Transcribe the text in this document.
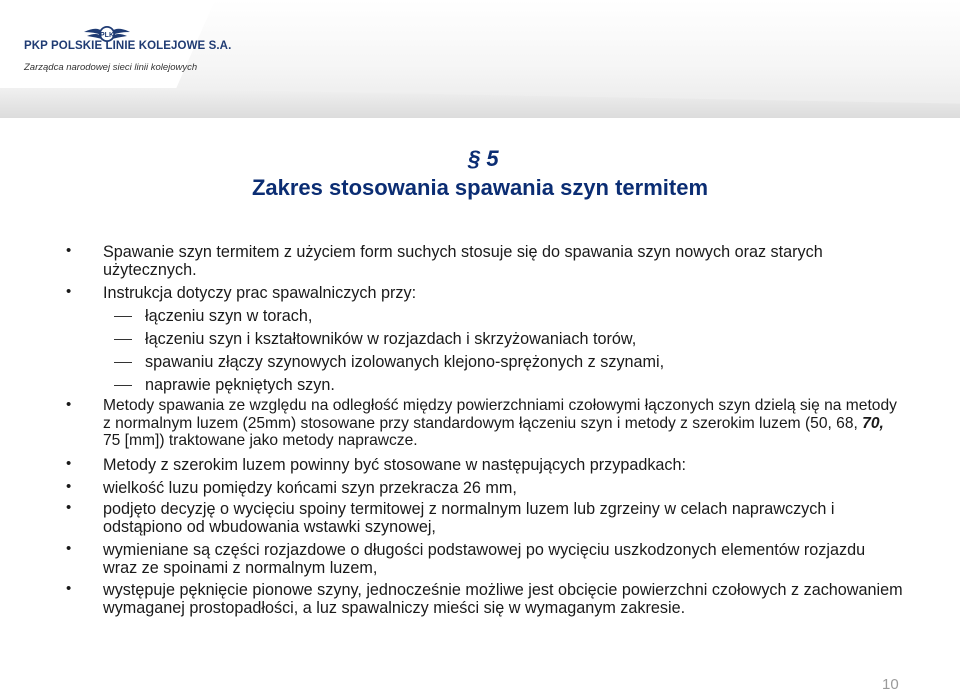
PLK
PKP POLSKIE LINIE KOLEJOWE S.A.
Zarządca narodowej sieci linii kolejowych
§ 5
Zakres stosowania spawania szyn termitem
• Spawanie szyn termitem z użyciem form suchych stosuje się do spawania szyn nowych oraz starych użytecznych.
• Instrukcja dotyczy prac spawalniczych przy:
łączeniu szyn w torach,
łączeniu szyn i kształtowników w rozjazdach i skrzyżowaniach torów,
spawaniu złączy szynowych izolowanych klejono-sprężonych z szynami,
naprawie pękniętych szyn.
• Metody spawania ze względu na odległość między powierzchniami czołowymi łączonych szyn dzielą się na metody z normalnym luzem (25mm) stosowane przy standardowym łączeniu szyn i metody z szerokim luzem (50, 68, 70, 75 [mm]) traktowane jako metody naprawcze.
• Metody z szerokim luzem powinny być stosowane w następujących przypadkach:
• wielkość luzu pomiędzy końcami szyn przekracza 26 mm,
• podjęto decyzję o wycięciu spoiny termitowej z normalnym luzem lub zgrzeiny w celach naprawczych i odstąpiono od wbudowania wstawki szynowej,
• wymieniane są części rozjazdowe o długości podstawowej po wycięciu uszkodzonych elementów rozjazdu wraz ze spoinami z normalnym luzem,
• występuje pęknięcie pionowe szyny, jednocześnie możliwe jest obcięcie powierzchni czołowych z zachowaniem wymaganej prostopadłości, a luz spawalniczy mieści się w wymaganym zakresie.
10
